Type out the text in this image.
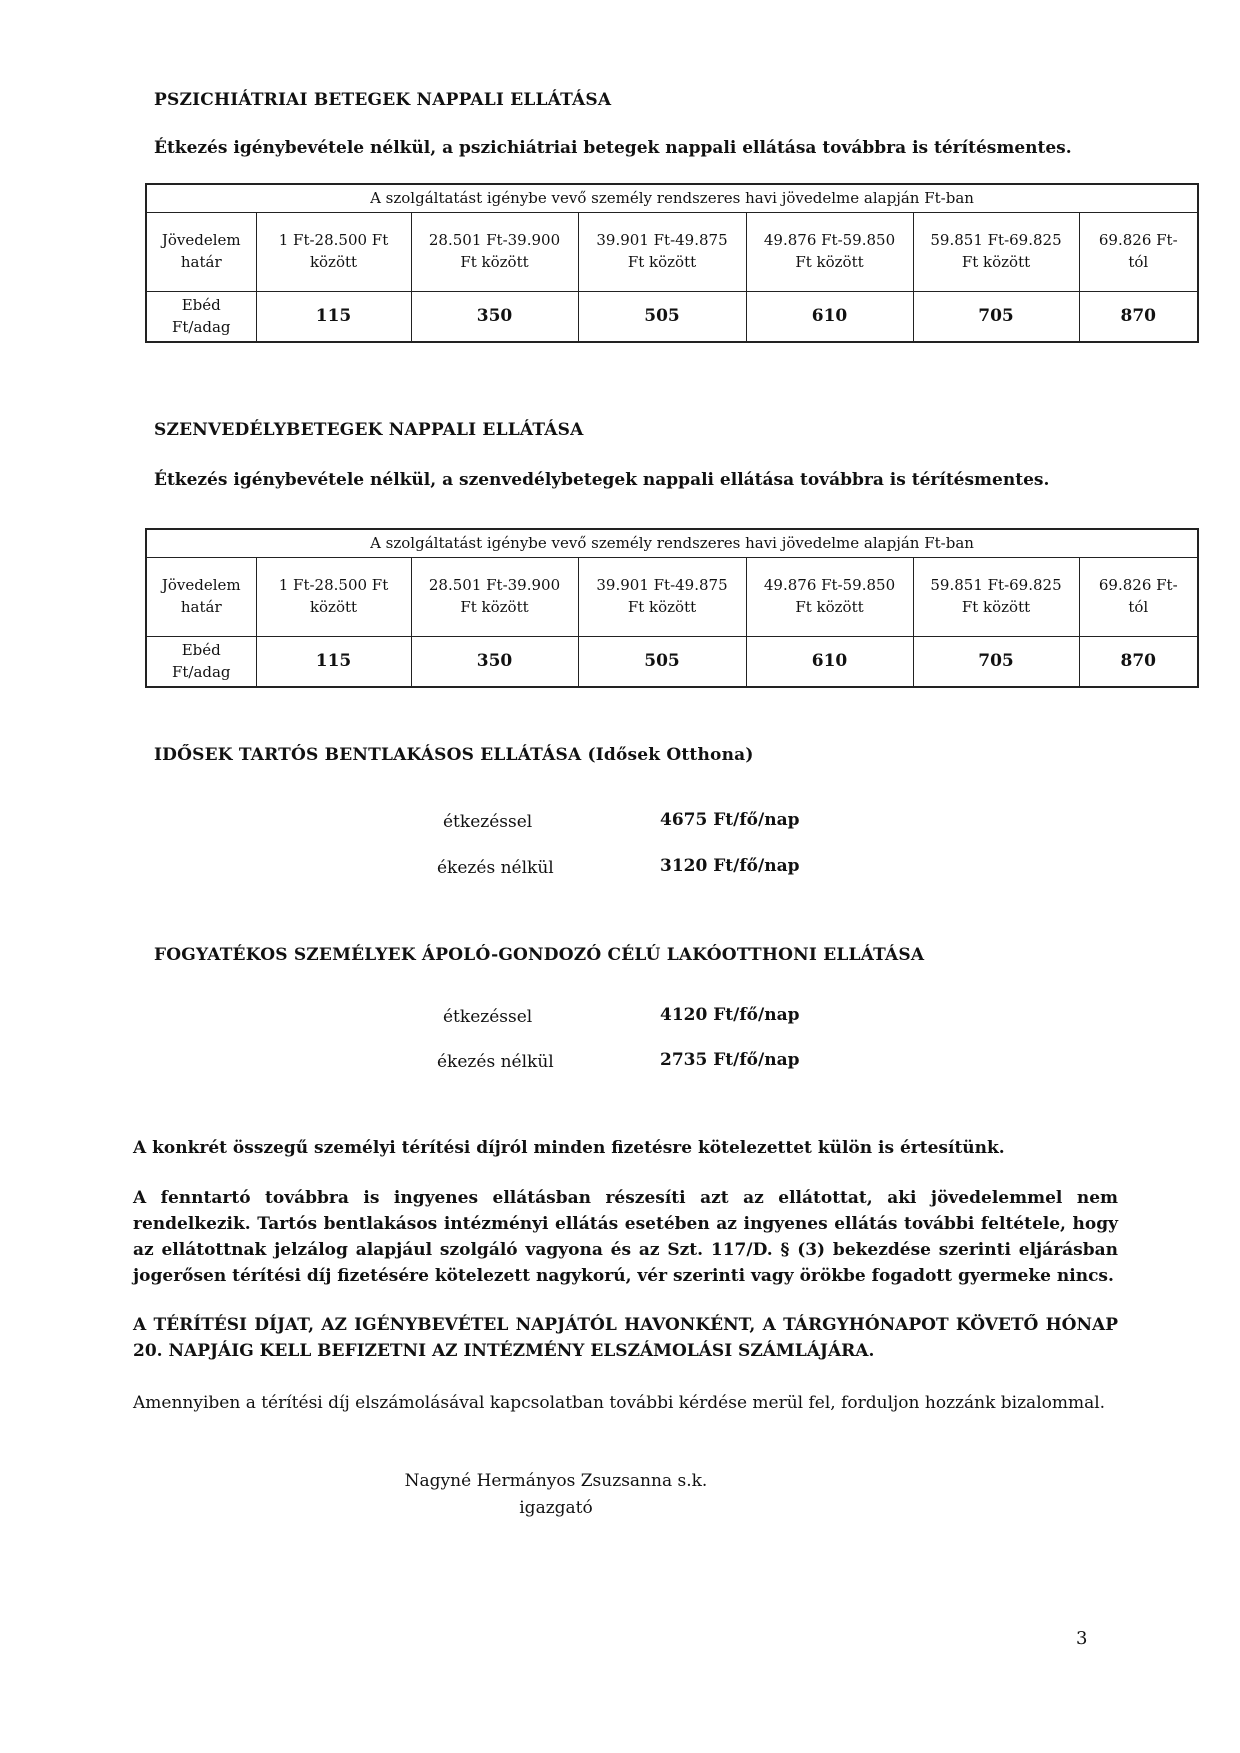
PSZICHIÁTRIAI BETEGEK NAPPALI ELLÁTÁSA
Étkezés igénybevétele nélkül, a pszichiátriai betegek nappali ellátása továbbra is térítésmentes.
A szolgáltatást igénybe vevő személy rendszeres havi jövedelme alapján Ft-ban						
Jövedelem határ	1 Ft-28.500 Ft között	28.501 Ft-39.900 Ft között	39.901 Ft-49.875 Ft között	49.876 Ft-59.850 Ft között	59.851 Ft-69.825 Ft között	69.826 Ft-tól

Ebéd
Ft/adag	115	350	505	610	705	870
SZENVEDÉLYBETEGEK NAPPALI ELLÁTÁSA
Étkezés igénybevétele nélkül, a szenvedélybetegek nappali ellátása továbbra is térítésmentes.
A szolgáltatást igénybe vevő személy rendszeres havi jövedelme alapján Ft-ban						
Jövedelem határ	1 Ft-28.500 Ft között	28.501 Ft-39.900 Ft között	39.901 Ft-49.875 Ft között	49.876 Ft-59.850 Ft között	59.851 Ft-69.825 Ft között	69.826 Ft-tól

Ebéd
Ft/adag	115	350	505	610	705	870
IDŐSEK TARTÓS BENTLAKÁSOS ELLÁTÁSA (Idősek Otthona)
étkezéssel	4675 Ft/fő/nap
ékezés nélkül	3120 Ft/fő/nap
FOGYATÉKOS SZEMÉLYEK ÁPOLÓ-GONDOZÓ CÉLÚ LAKÓOTTHONI ELLÁTÁSA
étkezéssel	4120 Ft/fő/nap
ékezés nélkül	2735 Ft/fő/nap
A konkrét összegű személyi térítési díjról minden fizetésre kötelezettet külön is értesítünk.
A fenntartó továbbra is ingyenes ellátásban részesíti azt az ellátottat, aki jövedelemmel nem rendelkezik. Tartós bentlakásos intézményi ellátás esetében az ingyenes ellátás további feltétele, hogy az ellátottnak jelzálog alapjául szolgáló vagyona és az Szt. 117/D. § (3) bekezdése szerinti eljárásban jogerősen térítési díj fizetésére kötelezett nagykorú, vér szerinti vagy örökbe fogadott gyermeke nincs.
A TÉRÍTÉSI DÍJAT, AZ IGÉNYBEVÉTEL NAPJÁTÓL HAVONKÉNT, A TÁRGYHÓNAPOT KÖVETŐ HÓNAP 20. NAPJÁIG KELL BEFIZETNI AZ INTÉZMÉNY ELSZÁMOLÁSI SZÁMLÁJÁRA.
Amennyiben a térítési díj elszámolásával kapcsolatban további kérdése merül fel, forduljon hozzánk bizalommal.
Nagyné Hermányos Zsuzsanna s.k.
igazgató
3
